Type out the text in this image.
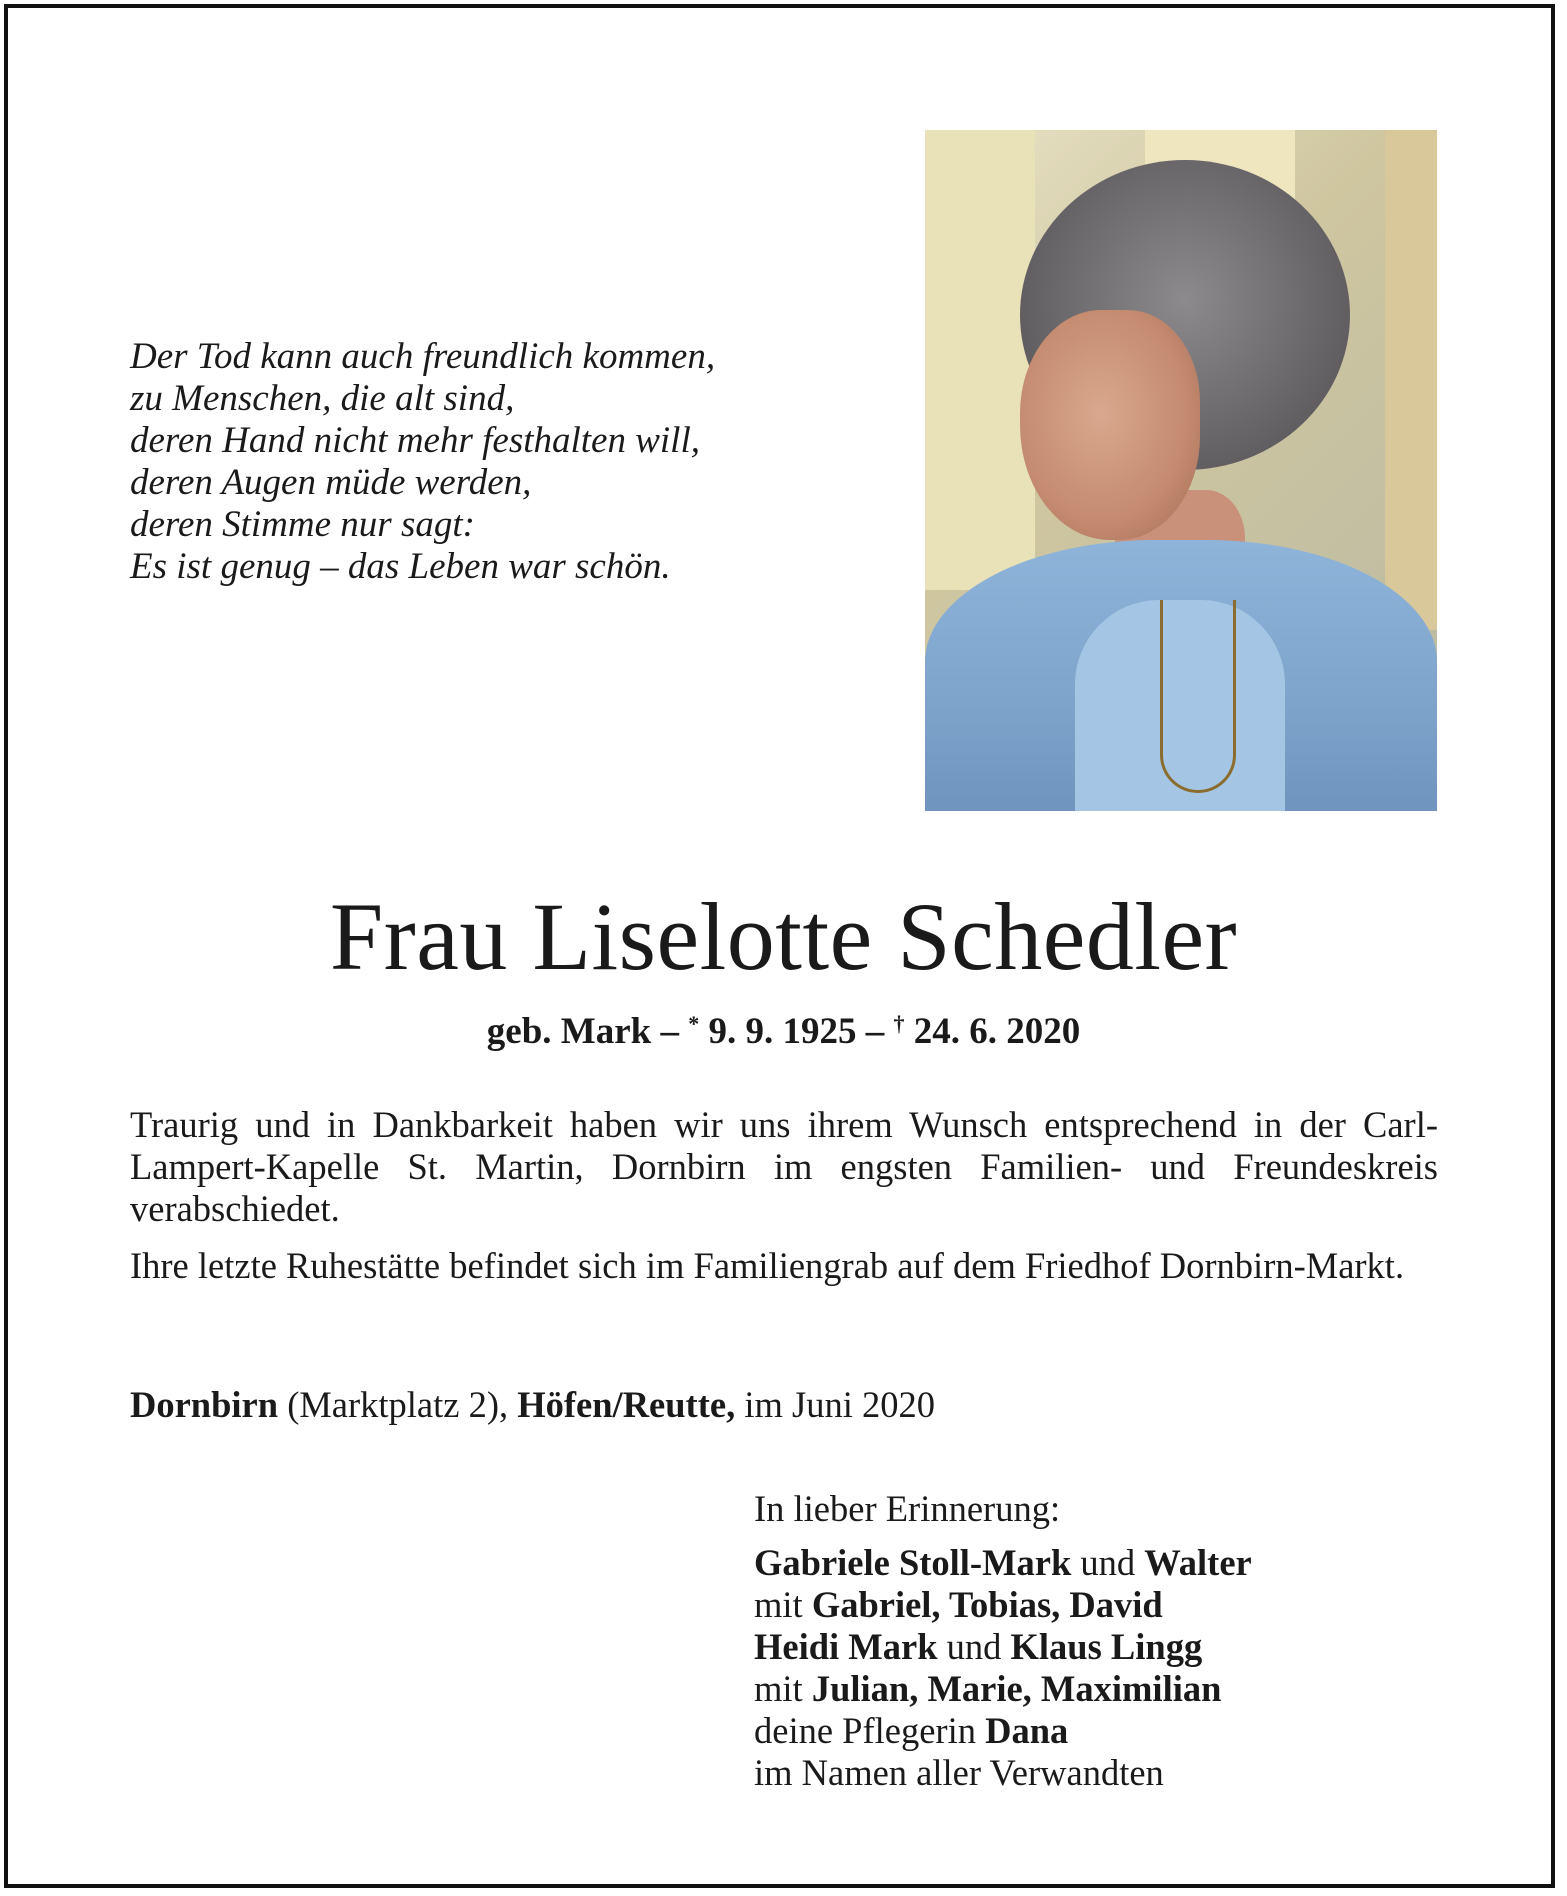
Der Tod kann auch freundlich kommen,
zu Menschen, die alt sind,
deren Hand nicht mehr festhalten will,
deren Augen müde werden,
deren Stimme nur sagt:
Es ist genug – das Leben war schön.
Frau Liselotte Schedler
geb. Mark – * 9. 9. 1925 – † 24. 6. 2020
Traurig und in Dankbarkeit haben wir uns ihrem Wunsch entsprechend in der Carl-Lampert-Kapelle St. Martin, Dornbirn im engsten Familien- und Freundeskreis verabschiedet.
Ihre letzte Ruhestätte befindet sich im Familiengrab auf dem Friedhof Dornbirn-Markt.
Dornbirn (Marktplatz 2), Höfen/Reutte, im Juni 2020
In lieber Erinnerung:
Gabriele Stoll-Mark und Walter
mit Gabriel, Tobias, David
Heidi Mark und Klaus Lingg
mit Julian, Marie, Maximilian
deine Pflegerin Dana
im Namen aller Verwandten
